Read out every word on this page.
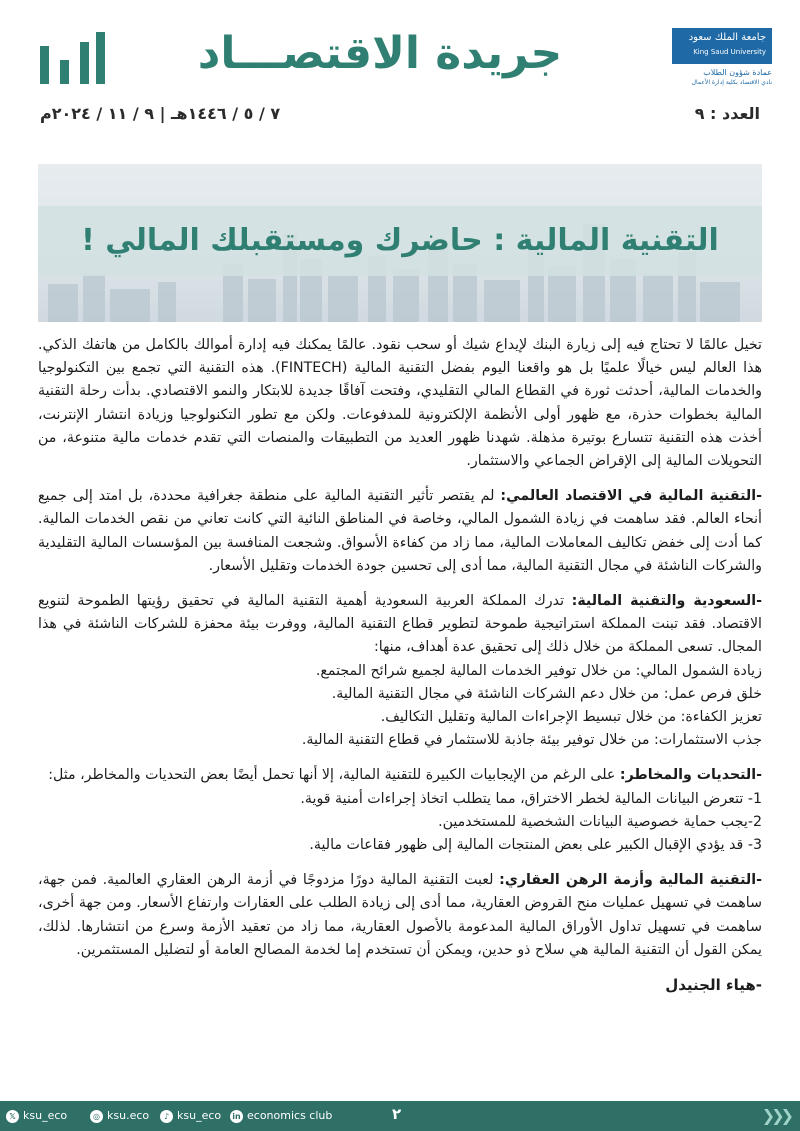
جريدة الاقتصـــاد	جامعة الملك سعود
King Saud University
عمادة شؤون الطلاب
نادي الاقتصاد بكلية إدارة الأعمال
العدد : ٩
٧ / ٥ / ١٤٤٦هـ | ٩ / ١١ / ٢٠٢٤م
التقنية المالية : حاضرك ومستقبلك المالي !

تخيل عالمًا لا تحتاج فيه إلى زيارة البنك لإيداع شيك أو سحب نقود. عالمًا يمكنك فيه إدارة أموالك بالكامل من هاتفك الذكي. هذا العالم ليس خيالًا علميًا بل هو واقعنا اليوم بفضل التقنية المالية (FINTECH). هذه التقنية التي تجمع بين التكنولوجيا والخدمات المالية، أحدثت ثورة في القطاع المالي التقليدي، وفتحت آفاقًا جديدة للابتكار والنمو الاقتصادي. بدأت رحلة التقنية المالية بخطوات حذرة، مع ظهور أولى الأنظمة الإلكترونية للمدفوعات. ولكن مع تطور التكنولوجيا وزيادة انتشار الإنترنت، أخذت هذه التقنية تتسارع بوتيرة مذهلة. شهدنا ظهور العديد من التطبيقات والمنصات التي تقدم خدمات مالية متنوعة، من التحويلات المالية إلى الإقراض الجماعي والاستثمار.

-التقنية المالية في الاقتصاد العالمي: لم يقتصر تأثير التقنية المالية على منطقة جغرافية محددة، بل امتد إلى جميع أنحاء العالم. فقد ساهمت في زيادة الشمول المالي، وخاصة في المناطق النائية التي كانت تعاني من نقص الخدمات المالية. كما أدت إلى خفض تكاليف المعاملات المالية، مما زاد من كفاءة الأسواق. وشجعت المنافسة بين المؤسسات المالية التقليدية والشركات الناشئة في مجال التقنية المالية، مما أدى إلى تحسين جودة الخدمات وتقليل الأسعار.

-السعودية والتقنية المالية: تدرك المملكة العربية السعودية أهمية التقنية المالية في تحقيق رؤيتها الطموحة لتنويع الاقتصاد. فقد تبنت المملكة استراتيجية طموحة لتطوير قطاع التقنية المالية، ووفرت بيئة محفزة للشركات الناشئة في هذا المجال. تسعى المملكة من خلال ذلك إلى تحقيق عدة أهداف، منها:
زيادة الشمول المالي: من خلال توفير الخدمات المالية لجميع شرائح المجتمع.
خلق فرص عمل: من خلال دعم الشركات الناشئة في مجال التقنية المالية.
تعزيز الكفاءة: من خلال تبسيط الإجراءات المالية وتقليل التكاليف.
جذب الاستثمارات: من خلال توفير بيئة جاذبة للاستثمار في قطاع التقنية المالية.

-التحديات والمخاطر: على الرغم من الإيجابيات الكبيرة للتقنية المالية، إلا أنها تحمل أيضًا بعض التحديات والمخاطر، مثل:
1- تتعرض البيانات المالية لخطر الاختراق، مما يتطلب اتخاذ إجراءات أمنية قوية.
2-يجب حماية خصوصية البيانات الشخصية للمستخدمين.
3- قد يؤدي الإقبال الكبير على بعض المنتجات المالية إلى ظهور فقاعات مالية.

-التقنية المالية وأزمة الرهن العقاري: لعبت التقنية المالية دورًا مزدوجًا في أزمة الرهن العقاري العالمية. فمن جهة، ساهمت في تسهيل عمليات منح القروض العقارية، مما أدى إلى زيادة الطلب على العقارات وارتفاع الأسعار. ومن جهة أخرى، ساهمت في تسهيل تداول الأوراق المالية المدعومة بالأصول العقارية، مما زاد من تعقيد الأزمة وسرع من انتشارها. لذلك، يمكن القول أن التقنية المالية هي سلاح ذو حدين، ويمكن أن تستخدم إما لخدمة المصالح العامة أو لتضليل المستثمرين.

-هياء الجنيدل
𝕏 ksu_eco	◎ ksu.eco	♪ ksu_eco in economics club	٢	❯❯❯
